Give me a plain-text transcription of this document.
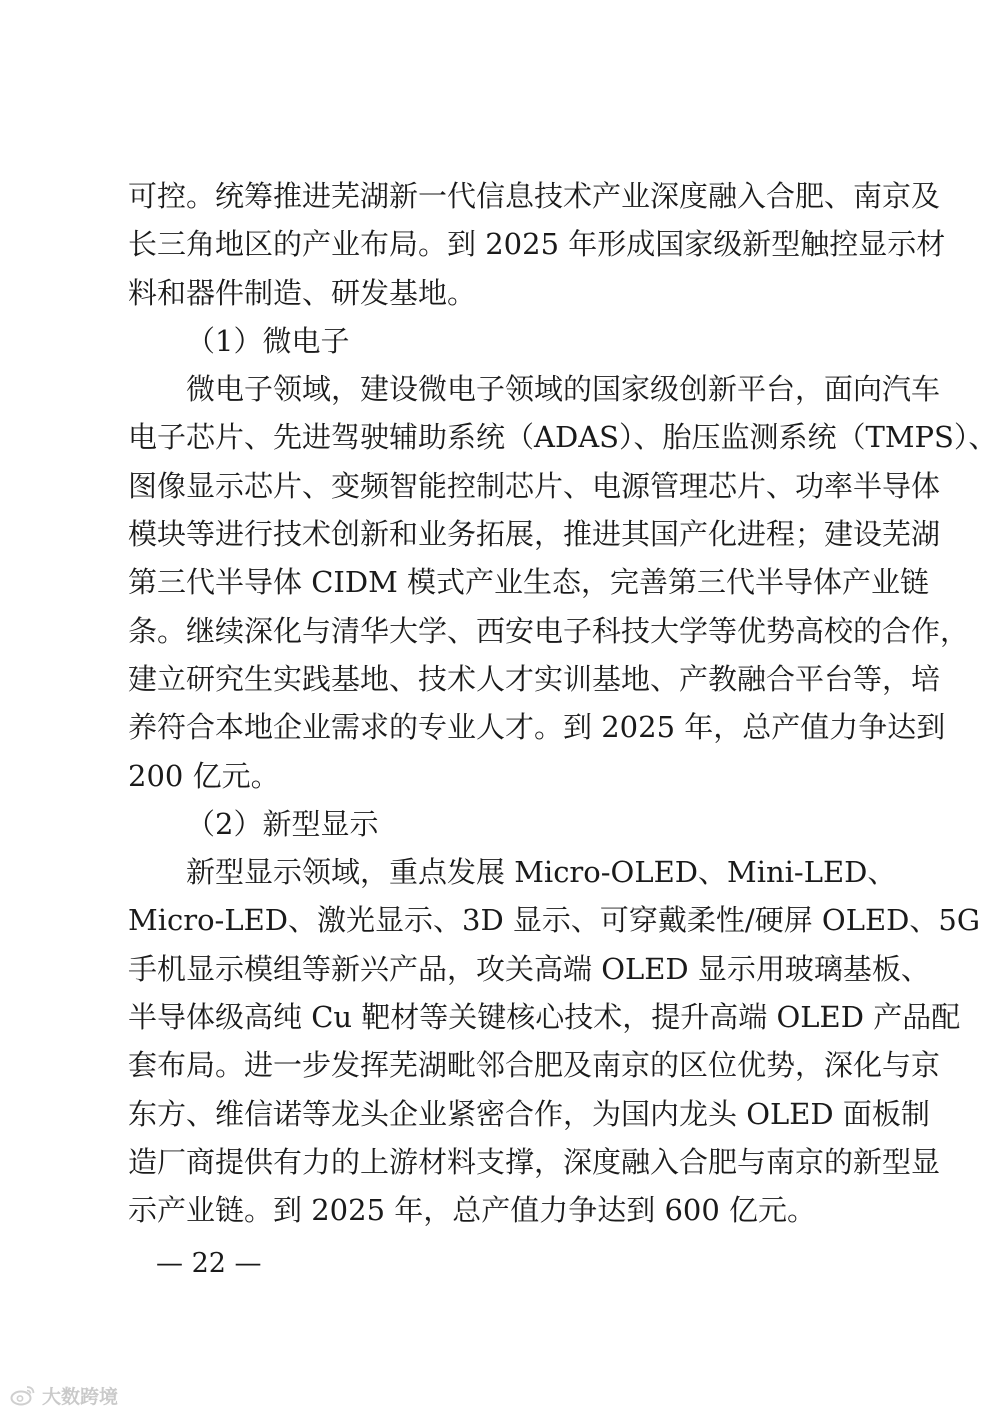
可控。统筹推进芜湖新一代信息技术产业深度融入合肥、南京及
长三角地区的产业布局。到 2025 年形成国家级新型触控显示材
料和器件制造、研发基地。
（1）微电子
微电子领域，建设微电子领域的国家级创新平台，面向汽车
电子芯片、先进驾驶辅助系统（ADAS）、胎压监测系统（TMPS）、
图像显示芯片、变频智能控制芯片、电源管理芯片、功率半导体
模块等进行技术创新和业务拓展，推进其国产化进程；建设芜湖
第三代半导体 CIDM 模式产业生态，完善第三代半导体产业链
条。继续深化与清华大学、西安电子科技大学等优势高校的合作，
建立研究生实践基地、技术人才实训基地、产教融合平台等，培
养符合本地企业需求的专业人才。到 2025 年，总产值力争达到
200 亿元。
（2）新型显示
新型显示领域，重点发展 Micro-OLED、Mini-LED、
Micro-LED、激光显示、3D 显示、可穿戴柔性/硬屏 OLED、5G
手机显示模组等新兴产品，攻关高端 OLED 显示用玻璃基板、
半导体级高纯 Cu 靶材等关键核心技术，提升高端 OLED 产品配
套布局。进一步发挥芜湖毗邻合肥及南京的区位优势，深化与京
东方、维信诺等龙头企业紧密合作，为国内龙头 OLED 面板制
造厂商提供有力的上游材料支撑，深度融入合肥与南京的新型显
示产业链。到 2025 年，总产值力争达到 600 亿元。
— 22 —
大数跨境
